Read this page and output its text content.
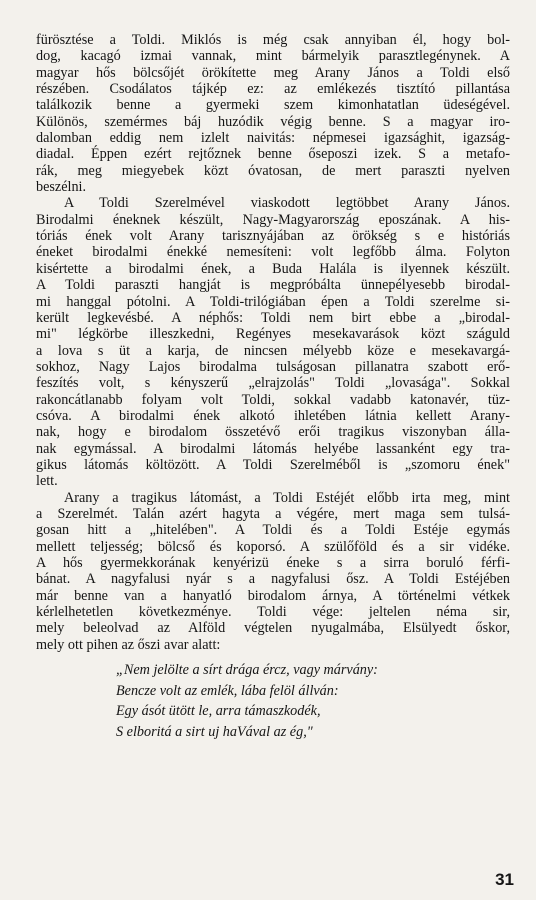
fürösztése a Toldi. Miklós is még csak annyiban él, hogy bol-
dog, kacagó izmai vannak, mint bármelyik parasztlegénynek. A
magyar hős bölcsőjét örökítette meg Arany János a Toldi első
részében. Csodálatos tájkép ez: az emlékezés tisztító pillantása
találkozik benne a gyermeki szem kimonhatatlan üdeségével.
Különös, szemérmes báj huzódik végig benne. S a magyar iro-
dalomban eddig nem izlelt naivitás: népmesei igazsághit, igazság-
diadal. Éppen ezért rejtőznek benne őseposzi izek. S a metafo-
rák, meg miegyebek közt óvatosan, de mert paraszti nyelven
beszélni.

A Toldi Szerelmével viaskodott legtöbbet Arany János.
Birodalmi éneknek készült, Nagy-Magyarország eposzának. A his-
tóriás ének volt Arany tarisznyájában az örökség s e históriás
éneket birodalmi énekké nemesíteni: volt legfőbb álma. Folyton
kisértette a birodalmi ének, a Buda Halála is ilyennek készült.
A Toldi paraszti hangját is megpróbálta ünnepélyesebb birodal-
mi hanggal pótolni. A Toldi-trilógiában épen a Toldi szerelme si-
került legkevésbé. A néphős: Toldi nem birt ebbe a „birodal-
mi" légkörbe illeszkedni, Regényes mesekavarások közt száguld
a lova s üt a karja, de nincsen mélyebb köze e mesekavargá-
sokhoz, Nagy Lajos birodalma tulságosan pillanatra szabott erő-
feszítés volt, s kényszerű „elrajzolás" Toldi „lovasága". Sokkal
rakoncátlanabb folyam volt Toldi, sokkal vadabb katonavér, tüz-
csóva. A birodalmi ének alkotó ihletében látnia kellett Arany-
nak, hogy e birodalom összetévő erői tragikus viszonyban álla-
nak egymással. A birodalmi látomás helyébe lassanként egy tra-
gikus látomás költözött. A Toldi Szerelméből is „szomoru ének"
lett.

Arany a tragikus látomást, a Toldi Estéjét előbb irta meg, mint
a Szerelmét. Talán azért hagyta a végére, mert maga sem tulsá-
gosan hitt a „hitelében". A Toldi és a Toldi Estéje egymás
mellett teljesség; bölcső és koporsó. A szülőföld és a sir vidéke.
A hős gyermekkorának kenyérizü éneke s a sirra boruló férfi-
bánat. A nagyfalusi nyár s a nagyfalusi ősz. A Toldi Estéjében
már benne van a hanyatló birodalom árnya, A történelmi vétkek
kérlelhetetlen következménye. Toldi vége: jeltelen néma sir,
mely beleolvad az Alföld végtelen nyugalmába, Elsülyedt őskor,
mely ott pihen az őszi avar alatt:

„Nem jelölte a sírt drága ércz, vagy márvány:
Bencze volt az emlék, lába felöl állván:
Egy ásót ütött le, arra támaszkodék,
S elboritá a sirt uj haVával az ég,"
31
